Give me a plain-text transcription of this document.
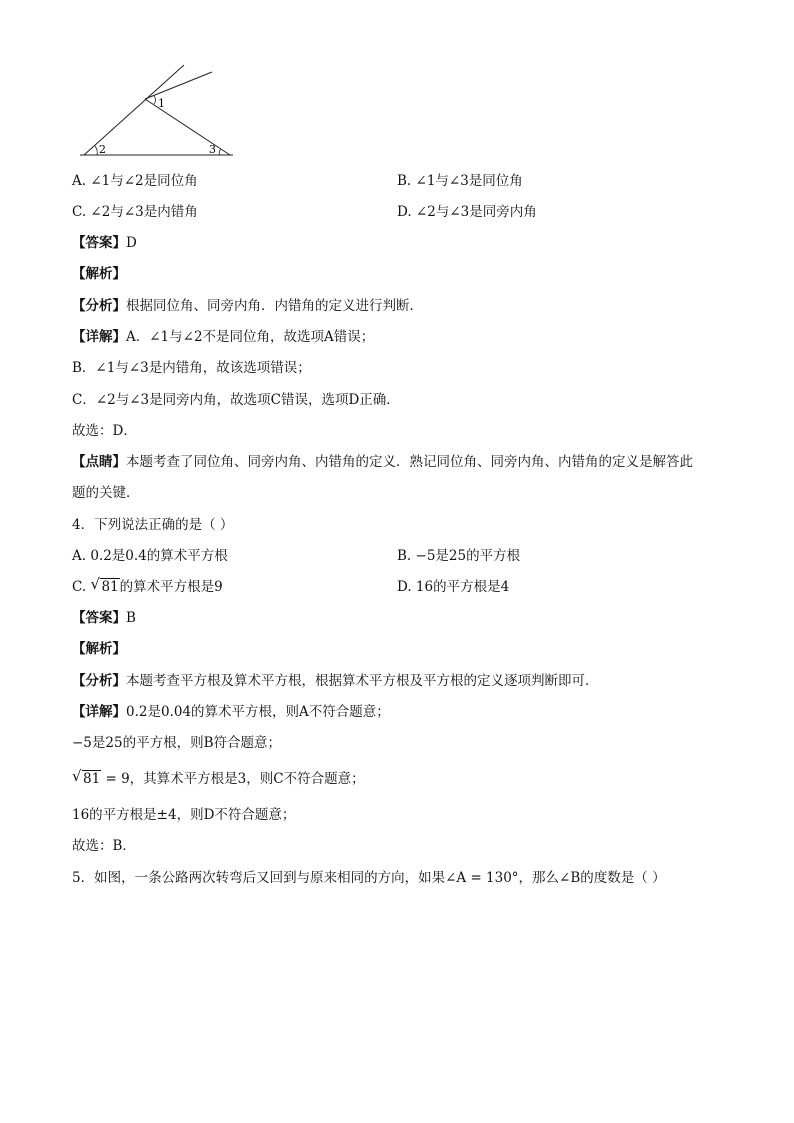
1
2	3
A. ∠1与∠2是同位角	B. ∠1与∠3是同位角
C. ∠2与∠3是内错角	D. ∠2与∠3是同旁内角
【答案】D
【解析】
【分析】根据同位角、同旁内角．内错角的定义进行判断．
【详解】A．∠1与∠2不是同位角，故选项A错误；
B．∠1与∠3是内错角，故该选项错误；
C．∠2与∠3是同旁内角，故选项C错误，选项D正确．
故选：D．
【点睛】本题考查了同位角、同旁内角、内错角的定义．熟记同位角、同旁内角、内错角的定义是解答此
题的关键．
4．下列说法正确的是（ ）
A. 0.2是0.4的算术平方根	B. −5是25的平方根
C. √ 81的算术平方根是9	D. 16的平方根是4
【答案】B
【解析】
【分析】本题考查平方根及算术平方根，根据算术平方根及平方根的定义逐项判断即可．
【详解】0.2是0.04的算术平方根，则A不符合题意；
−5是25的平方根，则B符合题意；
√ 81 = 9，其算术平方根是3，则C不符合题意；
16的平方根是±4，则D不符合题意；
故选：B．
5．如图，一条公路两次转弯后又回到与原来相同的方向，如果∠A = 130°，那么∠B的度数是（ ）
